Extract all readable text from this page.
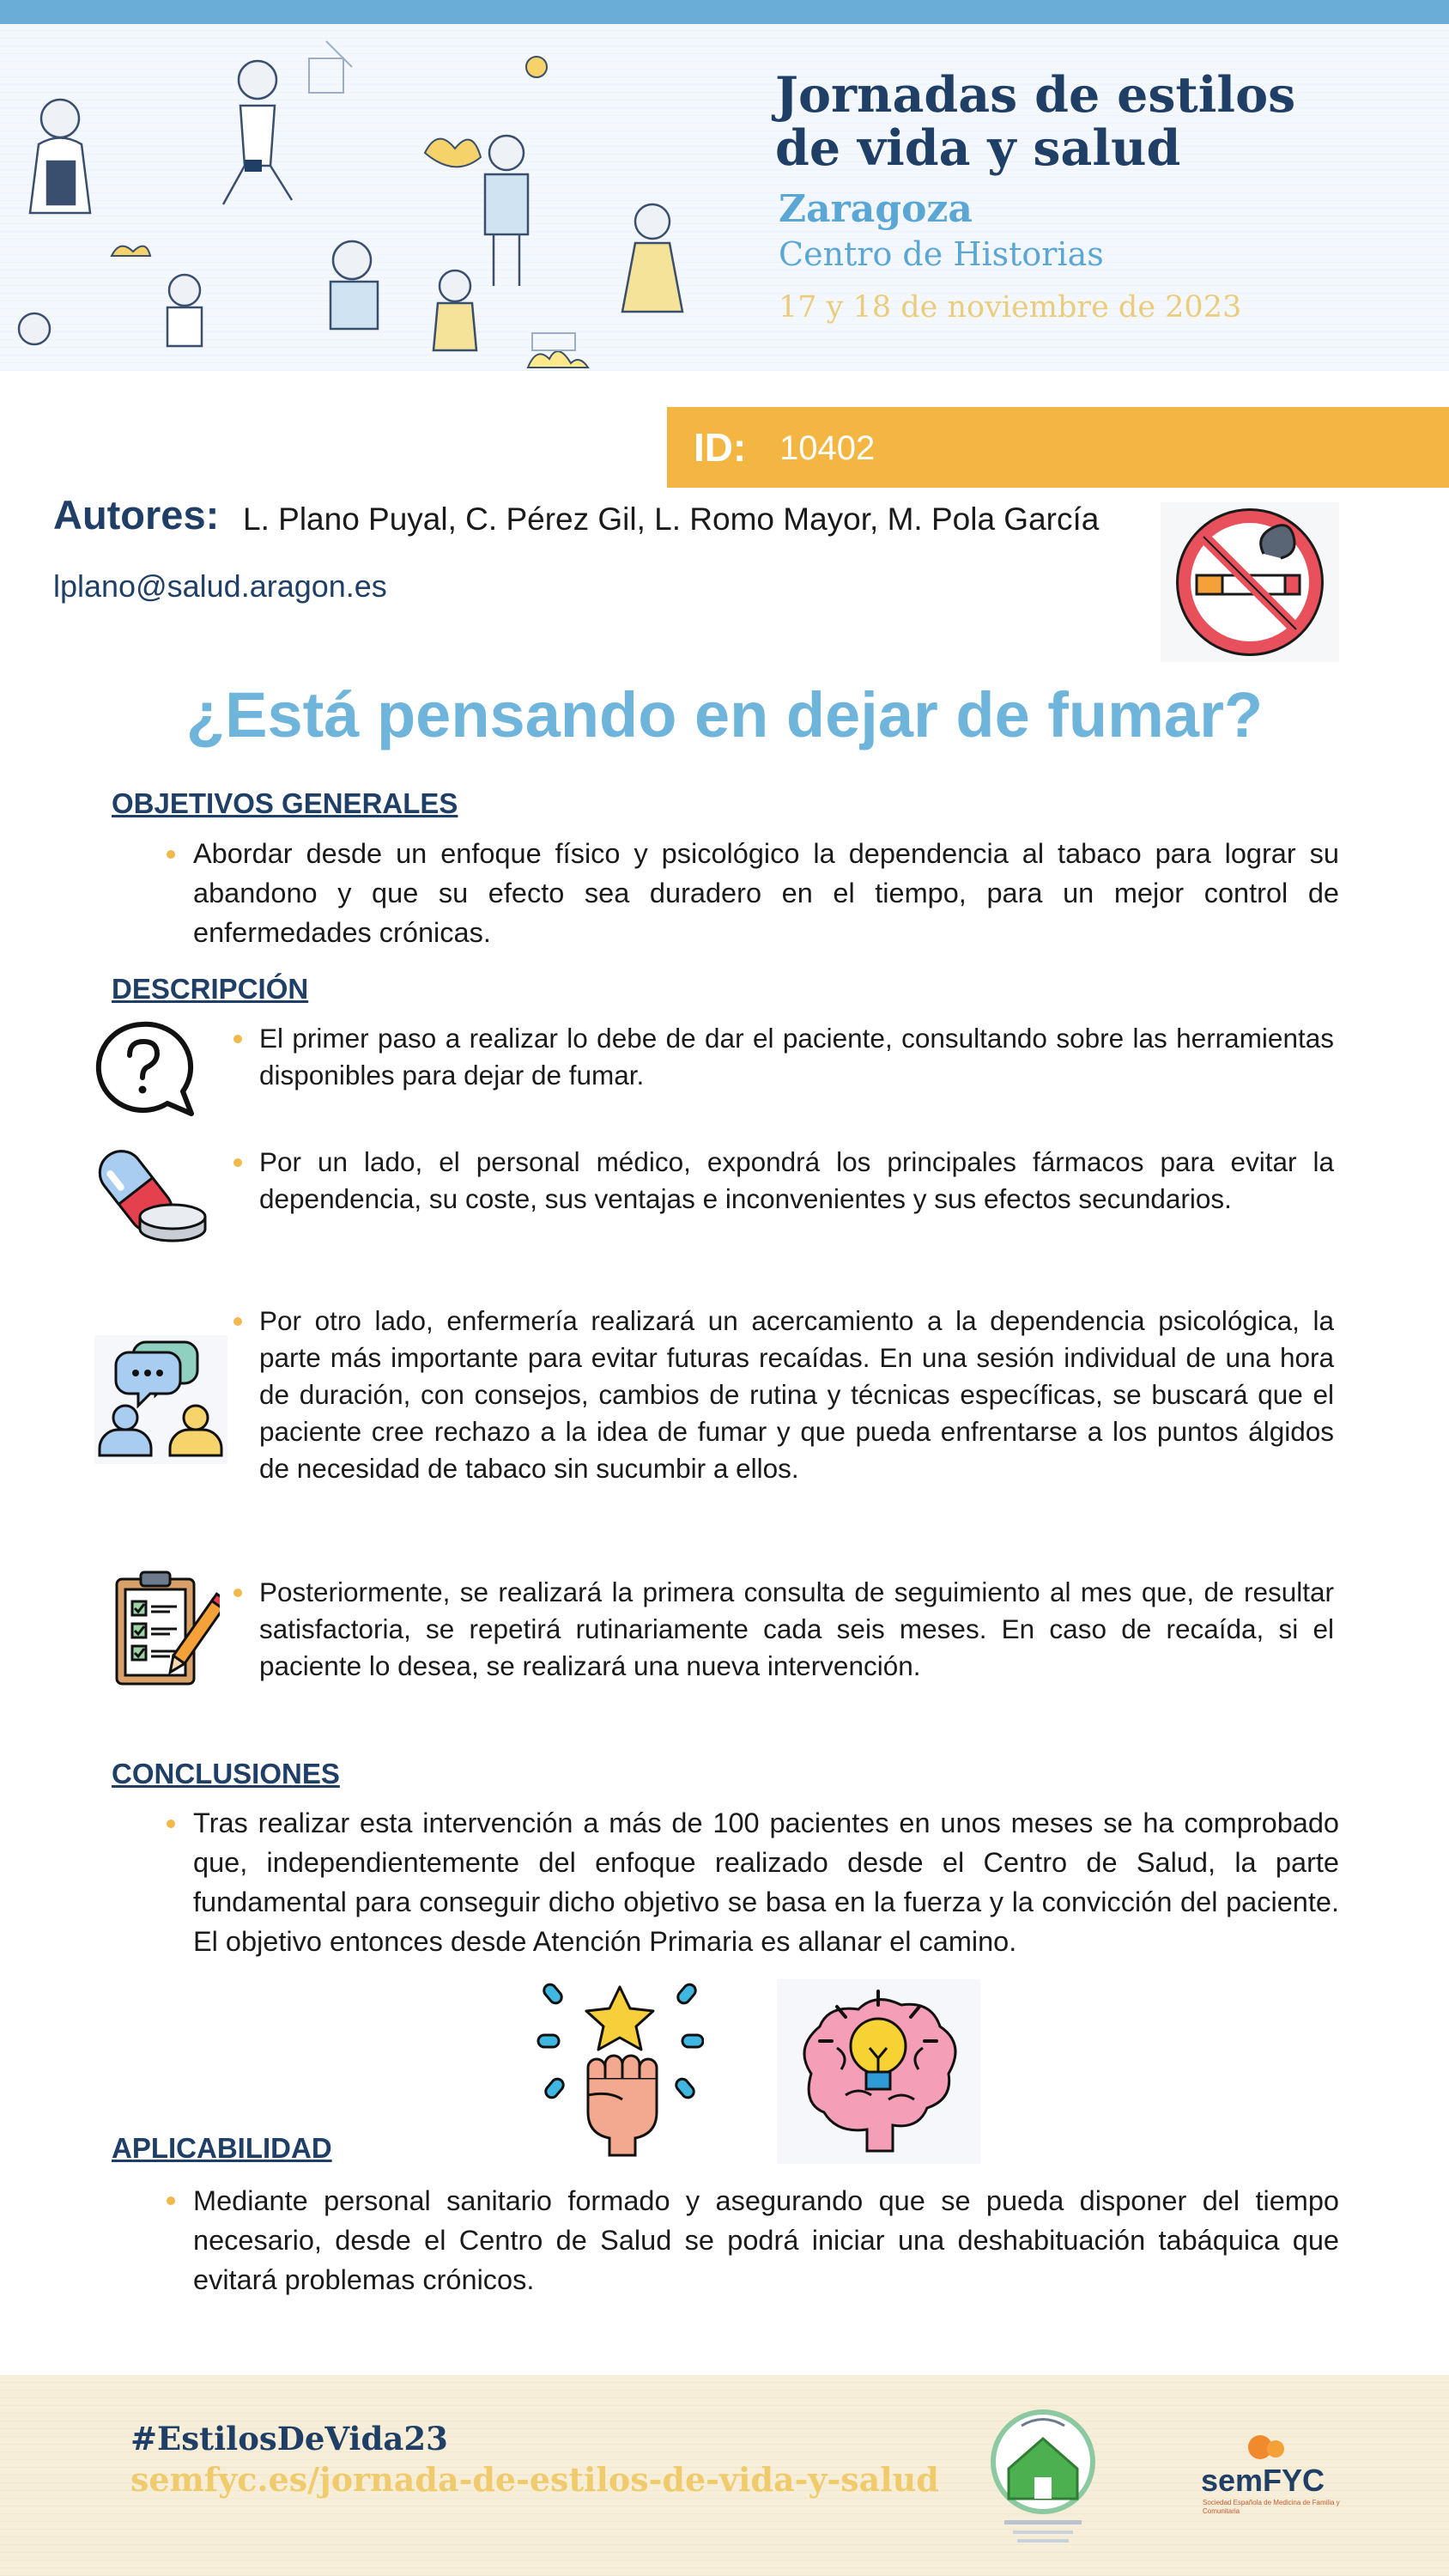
Jornadas de estilos
de vida y salud
Zaragoza
Centro de Historias
17 y 18 de noviembre de 2023
ID: 10402
Autores: L. Plano Puyal, C. Pérez Gil, L. Romo Mayor, M. Pola García
lplano@salud.aragon.es
¿Está pensando en dejar de fumar?
OBJETIVOS GENERALES

Abordar desde un enfoque físico y psicológico la dependencia al tabaco para lograr su abandono y que su efecto sea duradero en el tiempo, para un mejor control de enfermedades crónicas.

DESCRIPCIÓN

El primer paso a realizar lo debe de dar el paciente, consultando sobre las herramientas disponibles para dejar de fumar.

Por un lado, el personal médico, expondrá los principales fármacos para evitar la dependencia, su coste, sus ventajas e inconvenientes y sus efectos secundarios.

Por otro lado, enfermería realizará un acercamiento a la dependencia psicológica, la parte más importante para evitar futuras recaídas. En una sesión individual de una hora de duración, con consejos, cambios de rutina y técnicas específicas, se buscará que el paciente cree rechazo a la idea de fumar y que pueda enfrentarse a los puntos álgidos de necesidad de tabaco sin sucumbir a ellos.

Posteriormente, se realizará la primera consulta de seguimiento al mes que, de resultar satisfactoria, se repetirá rutinariamente cada seis meses. En caso de recaída, si el paciente lo desea, se realizará una nueva intervención.

CONCLUSIONES

Tras realizar esta intervención a más de 100 pacientes en unos meses se ha comprobado que, independientemente del enfoque realizado desde el Centro de Salud, la parte fundamental para conseguir dicho objetivo se basa en la fuerza y la convicción del paciente. El objetivo entonces desde Atención Primaria es allanar el camino.

APLICABILIDAD

Mediante personal sanitario formado y asegurando que se pueda disponer del tiempo necesario, desde el Centro de Salud se podrá iniciar una deshabituación tabáquica que evitará problemas crónicos.

#EstilosDeVida23
semfyc.es/jornada-de-estilos-de-vida-y-salud	semFYC
Sociedad Española de Medicina de Familia y Comunitaria
